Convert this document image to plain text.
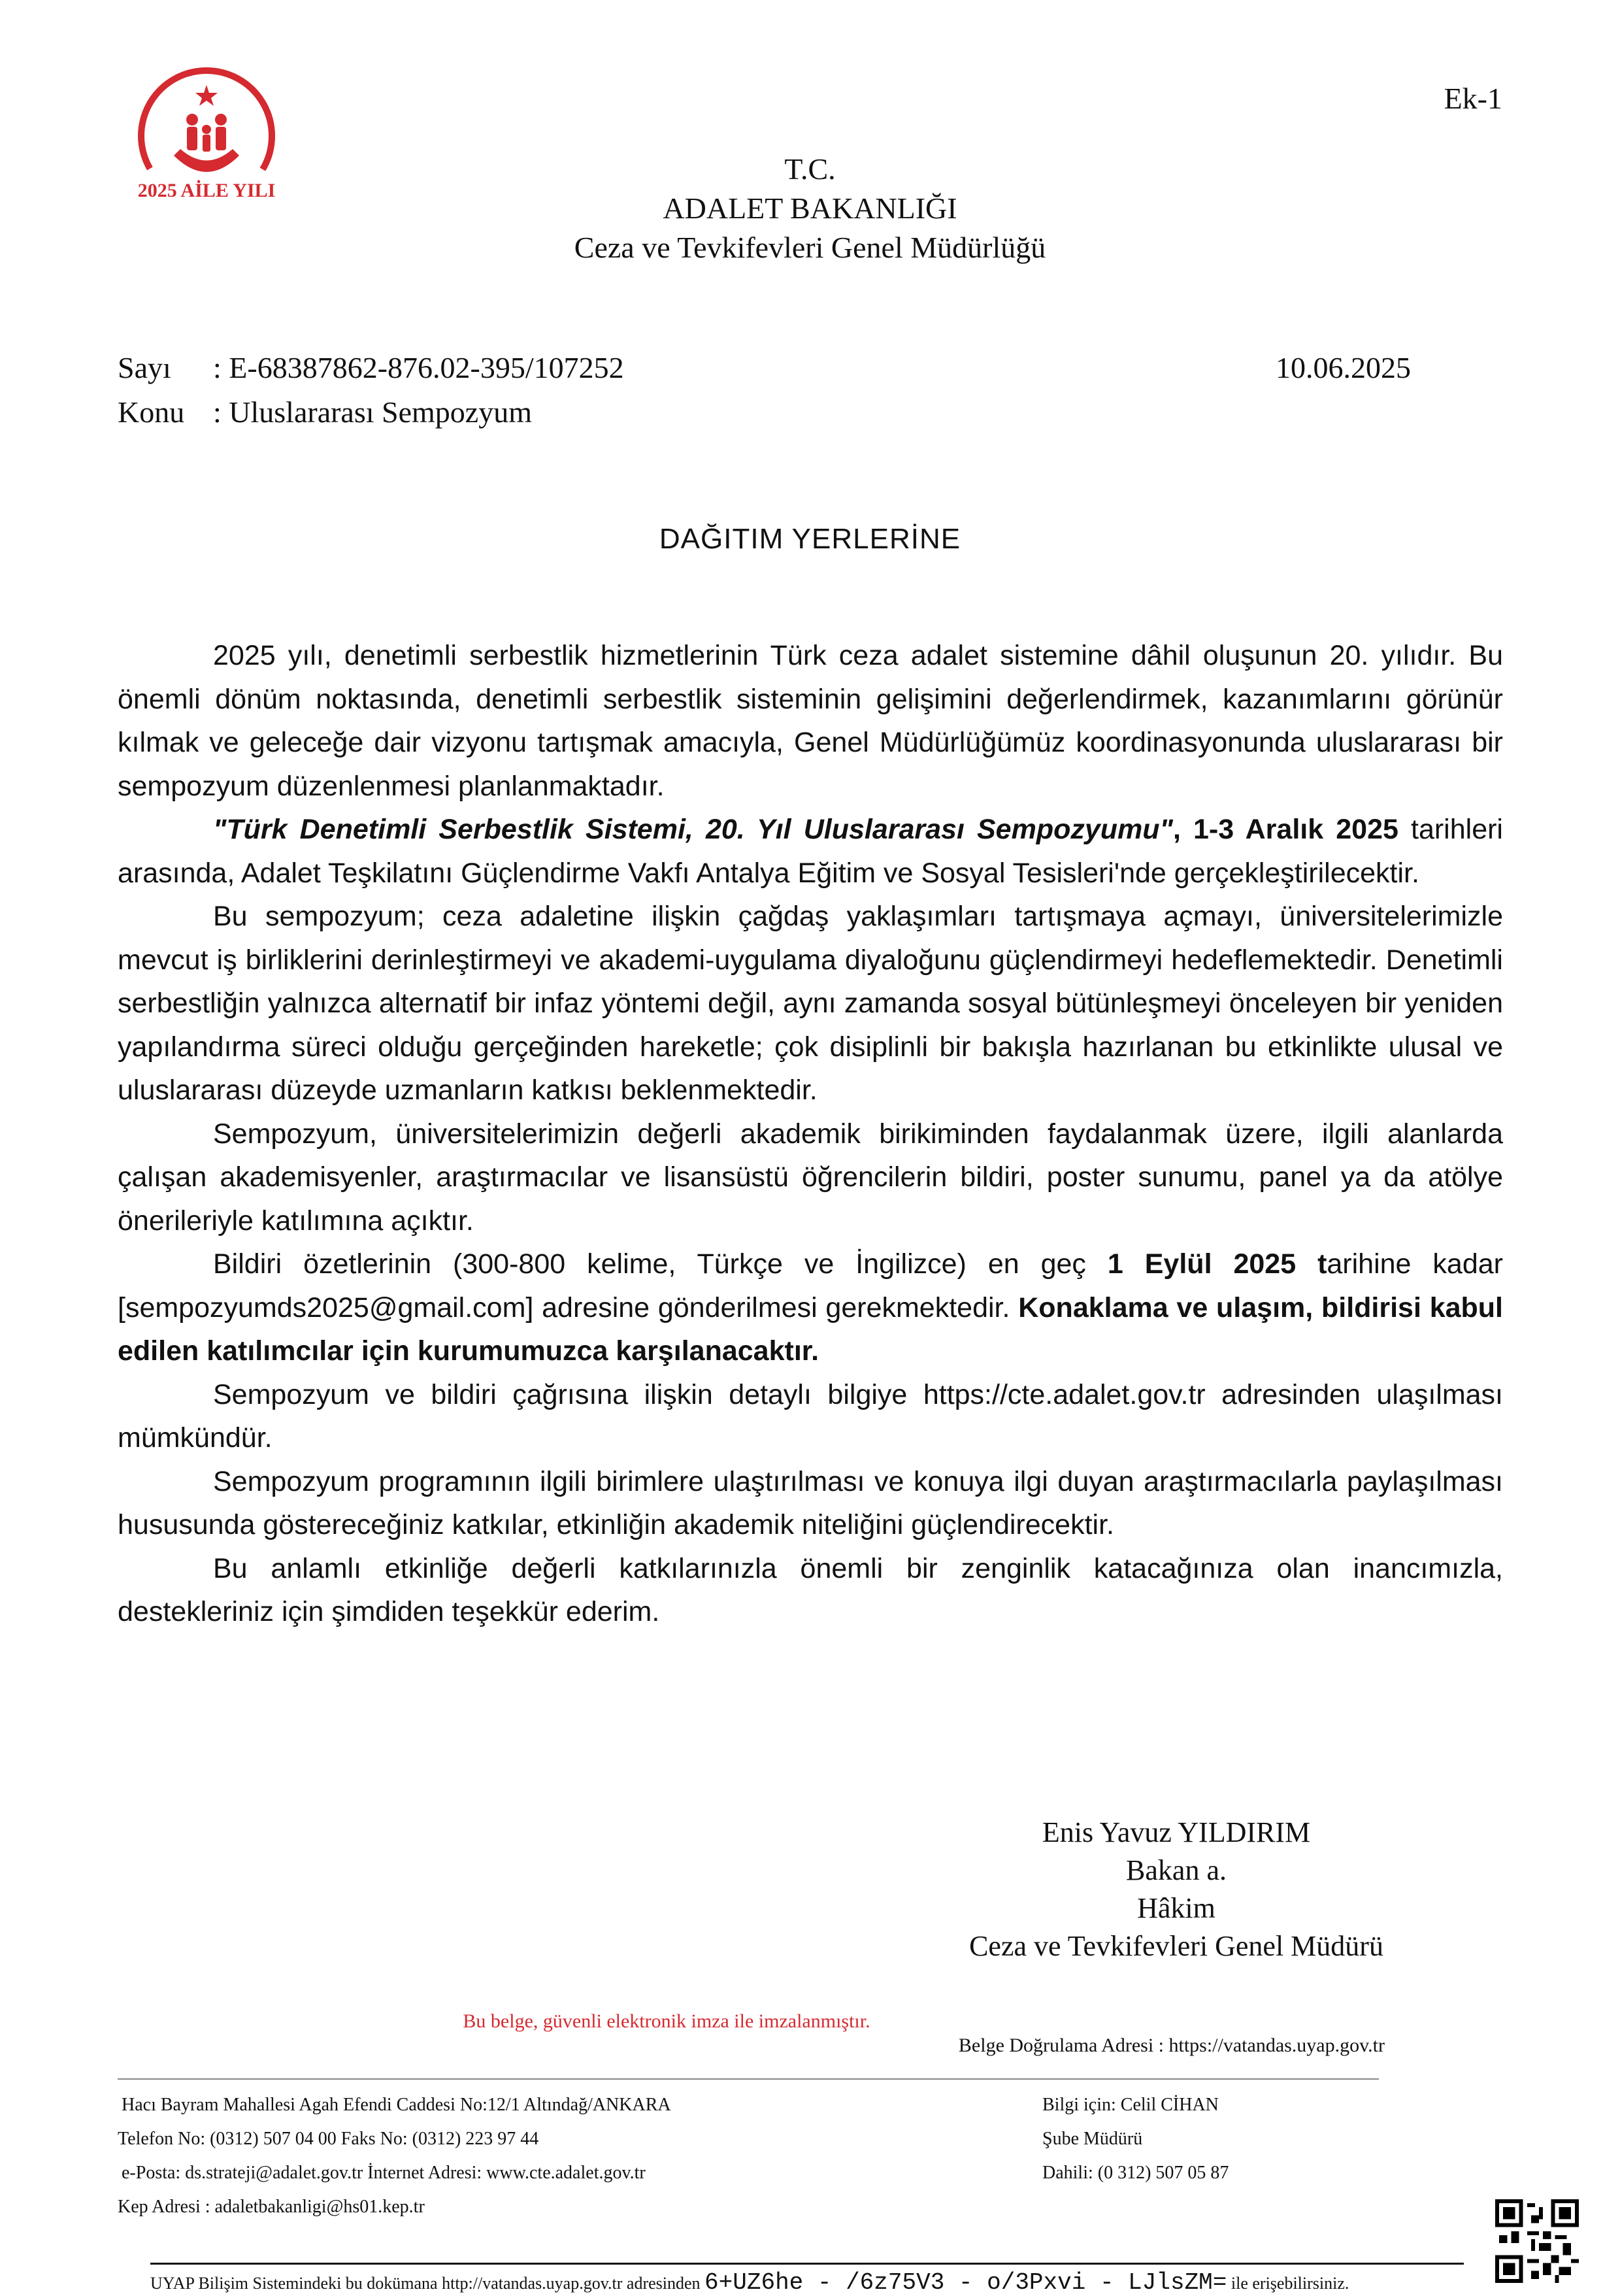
2025 AİLE YILI
Ek-1
T.C.
ADALET BAKANLIĞI
Ceza ve Tevkifevleri Genel Müdürlüğü
Sayı : E-68387862-876.02-395/107252	10.06.2025
Konu : Uluslararası Sempozyum
DAĞITIM YERLERİNE

2025 yılı, denetimli serbestlik hizmetlerinin Türk ceza adalet sistemine dâhil oluşunun 20. yılıdır. Bu önemli dönüm noktasında, denetimli serbestlik sisteminin gelişimini değerlendirmek, kazanımlarını görünür kılmak ve geleceğe dair vizyonu tartışmak amacıyla, Genel Müdürlüğümüz koordinasyonunda uluslararası bir sempozyum düzenlenmesi planlanmaktadır.

"Türk Denetimli Serbestlik Sistemi, 20. Yıl Uluslararası Sempozyumu", 1-3 Aralık 2025 tarihleri arasında, Adalet Teşkilatını Güçlendirme Vakfı Antalya Eğitim ve Sosyal Tesisleri'nde gerçekleştirilecektir.

Bu sempozyum; ceza adaletine ilişkin çağdaş yaklaşımları tartışmaya açmayı, üniversitelerimizle mevcut iş birliklerini derinleştirmeyi ve akademi-uygulama diyaloğunu güçlendirmeyi hedeflemektedir. Denetimli serbestliğin yalnızca alternatif bir infaz yöntemi değil, aynı zamanda sosyal bütünleşmeyi önceleyen bir yeniden yapılandırma süreci olduğu gerçeğinden hareketle; çok disiplinli bir bakışla hazırlanan bu etkinlikte ulusal ve uluslararası düzeyde uzmanların katkısı beklenmektedir.

Sempozyum, üniversitelerimizin değerli akademik birikiminden faydalanmak üzere, ilgili alanlarda çalışan akademisyenler, araştırmacılar ve lisansüstü öğrencilerin bildiri, poster sunumu, panel ya da atölye önerileriyle katılımına açıktır.

Bildiri özetlerinin (300-800 kelime, Türkçe ve İngilizce) en geç 1 Eylül 2025 tarihine kadar [sempozyumds2025@gmail.com] adresine gönderilmesi gerekmektedir. Konaklama ve ulaşım, bildirisi kabul edilen katılımcılar için kurumumuzca karşılanacaktır.

Sempozyum ve bildiri çağrısına ilişkin detaylı bilgiye https://cte.adalet.gov.tr adresinden ulaşılması mümkündür.

Sempozyum programının ilgili birimlere ulaştırılması ve konuya ilgi duyan araştırmacılarla paylaşılması hususunda göstereceğiniz katkılar, etkinliğin akademik niteliğini güçlendirecektir.

Bu anlamlı etkinliğe değerli katkılarınızla önemli bir zenginlik katacağınıza olan inancımızla, destekleriniz için şimdiden teşekkür ederim.

Enis Yavuz YILDIRIM
Bakan a.
Hâkim
Ceza ve Tevkifevleri Genel Müdürü
Bu belge, güvenli elektronik imza ile imzalanmıştır.
Belge Doğrulama Adresi : https://vatandas.uyap.gov.tr
Hacı Bayram Mahallesi Agah Efendi Caddesi No:12/1 Altındağ/ANKARA
Telefon No: (0312) 507 04 00 Faks No: (0312) 223 97 44
e-Posta: ds.strateji@adalet.gov.tr İnternet Adresi: www.cte.adalet.gov.tr
Kep Adresi : adaletbakanligi@hs01.kep.tr
Bilgi için: Celil CİHAN
Şube Müdürü
Dahili: (0 312) 507 05 87
UYAP Bilişim Sistemindeki bu dokümana http://vatandas.uyap.gov.tr adresinden 6+UZ6he - /6z75V3 - o/3Pxvi - LJlsZM= ile erişebilirsiniz.
